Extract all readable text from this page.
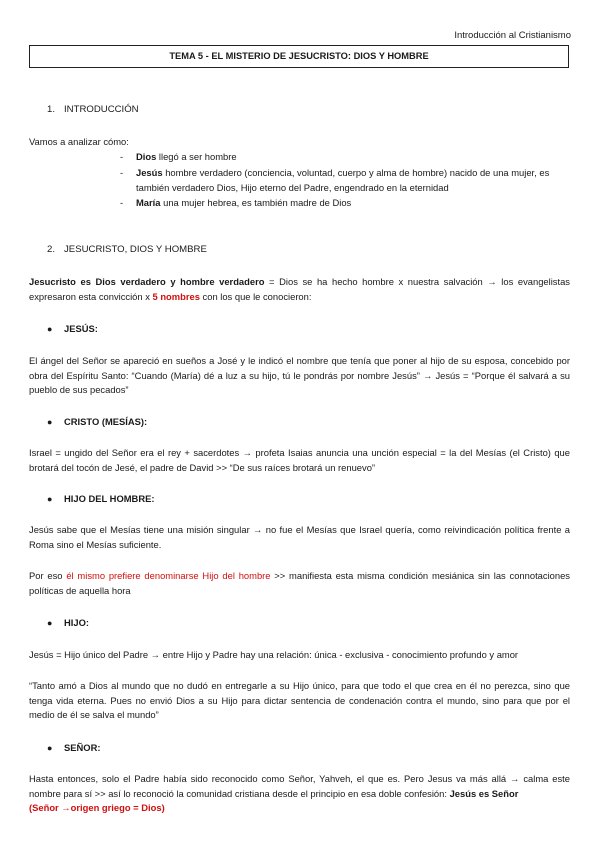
Introducción al Cristianismo
TEMA 5 - EL MISTERIO DE JESUCRISTO: DIOS Y HOMBRE
1. INTRODUCCIÓN
Vamos a analizar cómo:
- Dios llegó a ser hombre
- Jesús hombre verdadero (conciencia, voluntad, cuerpo y alma de hombre) nacido de una mujer, es también verdadero Dios, Hijo eterno del Padre, engendrado en la eternidad
- María una mujer hebrea, es también madre de Dios
2. JESUCRISTO, DIOS Y HOMBRE
Jesucristo es Dios verdadero y hombre verdadero = Dios se ha hecho hombre x nuestra salvación → los evangelistas expresaron esta convicción x 5 nombres con los que le conocieron:
● JESÚS:
El ángel del Señor se apareció en sueños a José y le indicó el nombre que tenía que poner al hijo de su esposa, concebido por obra del Espíritu Santo: “Cuando (María) dé a luz a su hijo, tú le pondrás por nombre Jesús” → Jesús = “Porque él salvará a su pueblo de sus pecados”
● CRISTO (MESÍAS):
Israel = ungido del Señor era el rey + sacerdotes → profeta Isaias anuncia una unción especial = la del Mesías (el Cristo) que brotará del tocón de Jesé, el padre de David >> “De sus raíces brotará un renuevo”
● HIJO DEL HOMBRE:
Jesús sabe que el Mesías tiene una misión singular → no fue el Mesías que Israel quería, como reivindicación política frente a Roma sino el Mesías suficiente.
Por eso él mismo prefiere denominarse Hijo del hombre >> manifiesta esta misma condición mesiánica sin las connotaciones políticas de aquella hora
● HIJO:
Jesús = Hijo único del Padre → entre Hijo y Padre hay una relación: única - exclusiva - conocimiento profundo y amor
“Tanto amó a Dios al mundo que no dudó en entregarle a su Hijo único, para que todo el que crea en él no perezca, sino que tenga vida eterna. Pues no envió Dios a su Hijo para dictar sentencia de condenación contra el mundo, sino para que por el medio de él se salva el mundo”
● SEÑOR:
Hasta entonces, solo el Padre había sido reconocido como Señor, Yahveh, el que es. Pero Jesus va más allá → calma este nombre para sí >> así lo reconoció la comunidad cristiana desde el principio en esa doble confesión: Jesús es Señor
(Señor →origen griego = Dios)
